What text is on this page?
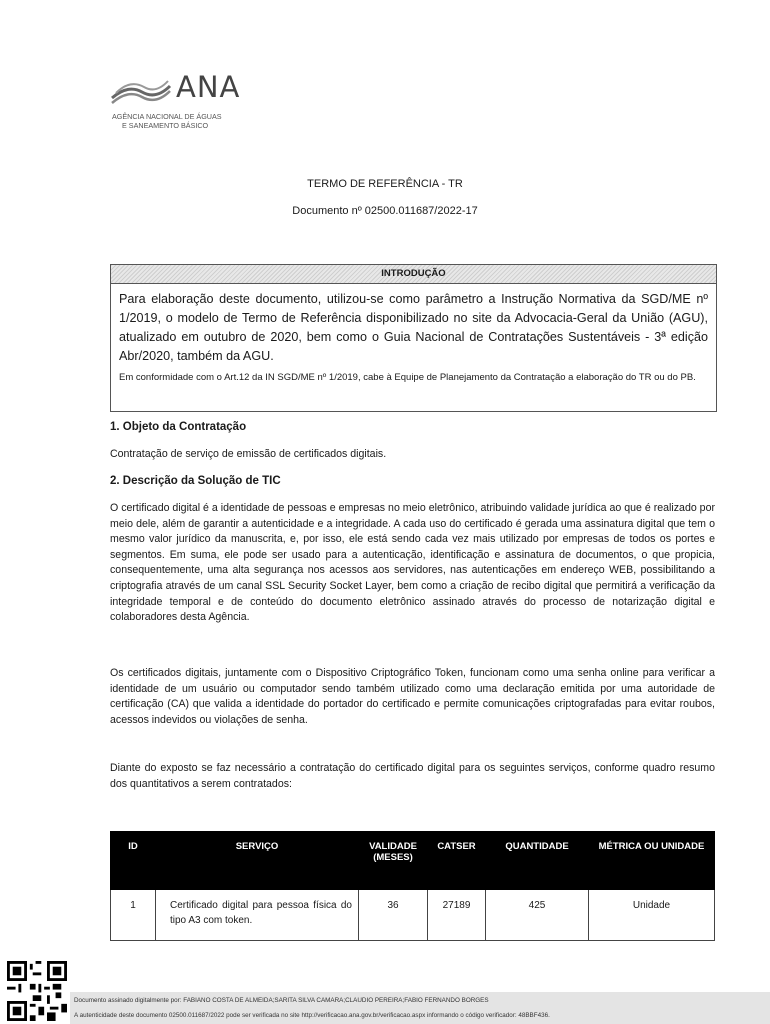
ANA
AGÊNCIA NACIONAL DE ÁGUAS
E SANEAMENTO BÁSICO
TERMO DE REFERÊNCIA - TR
Documento nº 02500.011687/2022-17
INTRODUÇÃO
Para elaboração deste documento, utilizou-se como parâmetro a Instrução Normativa da SGD/ME nº 1/2019, o modelo de Termo de Referência disponibilizado no site da Advocacia-Geral da União (AGU), atualizado em outubro de 2020, bem como o Guia Nacional de Contratações Sustentáveis - 3ª edição Abr/2020, também da AGU.
Em conformidade com o Art.12 da IN SGD/ME nº 1/2019, cabe à Equipe de Planejamento da Contratação a elaboração do TR ou do PB.
1. Objeto da Contratação
Contratação de serviço de emissão de certificados digitais.
2. Descrição da Solução de TIC
O certificado digital é a identidade de pessoas e empresas no meio eletrônico, atribuindo validade jurídica ao que é realizado por meio dele, além de garantir a autenticidade e a integridade. A cada uso do certificado é gerada uma assinatura digital que tem o mesmo valor jurídico da manuscrita, e, por isso, ele está sendo cada vez mais utilizado por empresas de todos os portes e segmentos. Em suma, ele pode ser usado para a autenticação, identificação e assinatura de documentos, o que propicia, consequentemente, uma alta segurança nos acessos aos servidores, nas autenticações em endereço WEB, possibilitando a criptografia através de um canal SSL Security Socket Layer, bem como a criação de recibo digital que permitirá a verificação da integridade temporal e de conteúdo do documento eletrônico assinado através do processo de notarização digital e colaboradores desta Agência.
Os certificados digitais, juntamente com o Dispositivo Criptográfico Token, funcionam como uma senha online para verificar a identidade de um usuário ou computador sendo também utilizado como uma declaração emitida por uma autoridade de certificação (CA) que valida a identidade do portador do certificado e permite comunicações criptografadas para evitar roubos, acessos indevidos ou violações de senha.
Diante do exposto se faz necessário a contratação do certificado digital para os seguintes serviços, conforme quadro resumo dos quantitativos a serem contratados:
ID	SERVIÇO	VALIDADE (MESES)	CATSER	QUANTIDADE	MÉTRICA OU UNIDADE
1	Certificado digital para pessoa física do tipo A3 com token.	36	27189	425	Unidade
Documento assinado digitalmente por: FABIANO COSTA DE ALMEIDA;SARITA SILVA CAMARA;CLAUDIO PEREIRA;FABIO FERNANDO BORGES
A autenticidade deste documento 02500.011687/2022 pode ser verificada no site http://verificacao.ana.gov.br/verificacao.aspx informando o código verificador: 48BBF436.
